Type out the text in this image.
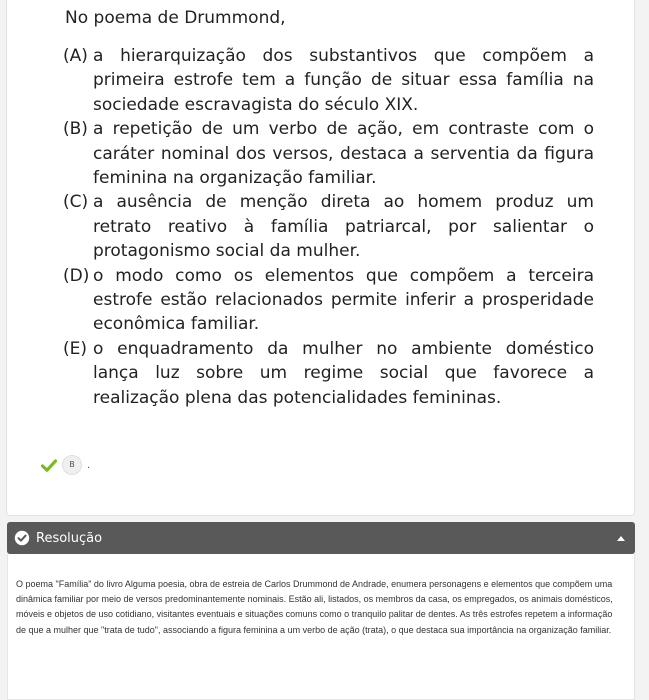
No poema de Drummond,

(A) a hierarquização dos substantivos que compõem a primeira estrofe tem a função de situar essa família na sociedade escravagista do século XIX.
(B) a repetição de um verbo de ação, em contraste com o caráter nominal dos versos, destaca a serventia da figura feminina na organização familiar.
(C) a ausência de menção direta ao homem produz um retrato reativo à família patriarcal, por salientar o protagonismo social da mulher.
(D) o modo como os elementos que compõem a terceira estrofe estão relacionados permite inferir a prosperidade econômica familiar.
(E) o enquadramento da mulher no ambiente doméstico lança luz sobre um regime social que favorece a realização plena das potencialidades femininas.
B	.
Resolução

O poema "Família" do livro Alguma poesia, obra de estreia de Carlos Drummond de Andrade, enumera personagens e elementos que compõem uma dinâmica familiar por meio de versos predominantemente nominais. Estão ali, listados, os membros da casa, os empregados, os animais domésticos, móveis e objetos de uso cotidiano, visitantes eventuais e situações comuns como o tranquilo palitar de dentes. As três estrofes repetem a informação de que a mulher que "trata de tudo", associando a figura feminina a um verbo de ação (trata), o que destaca sua importância na organização familiar.
